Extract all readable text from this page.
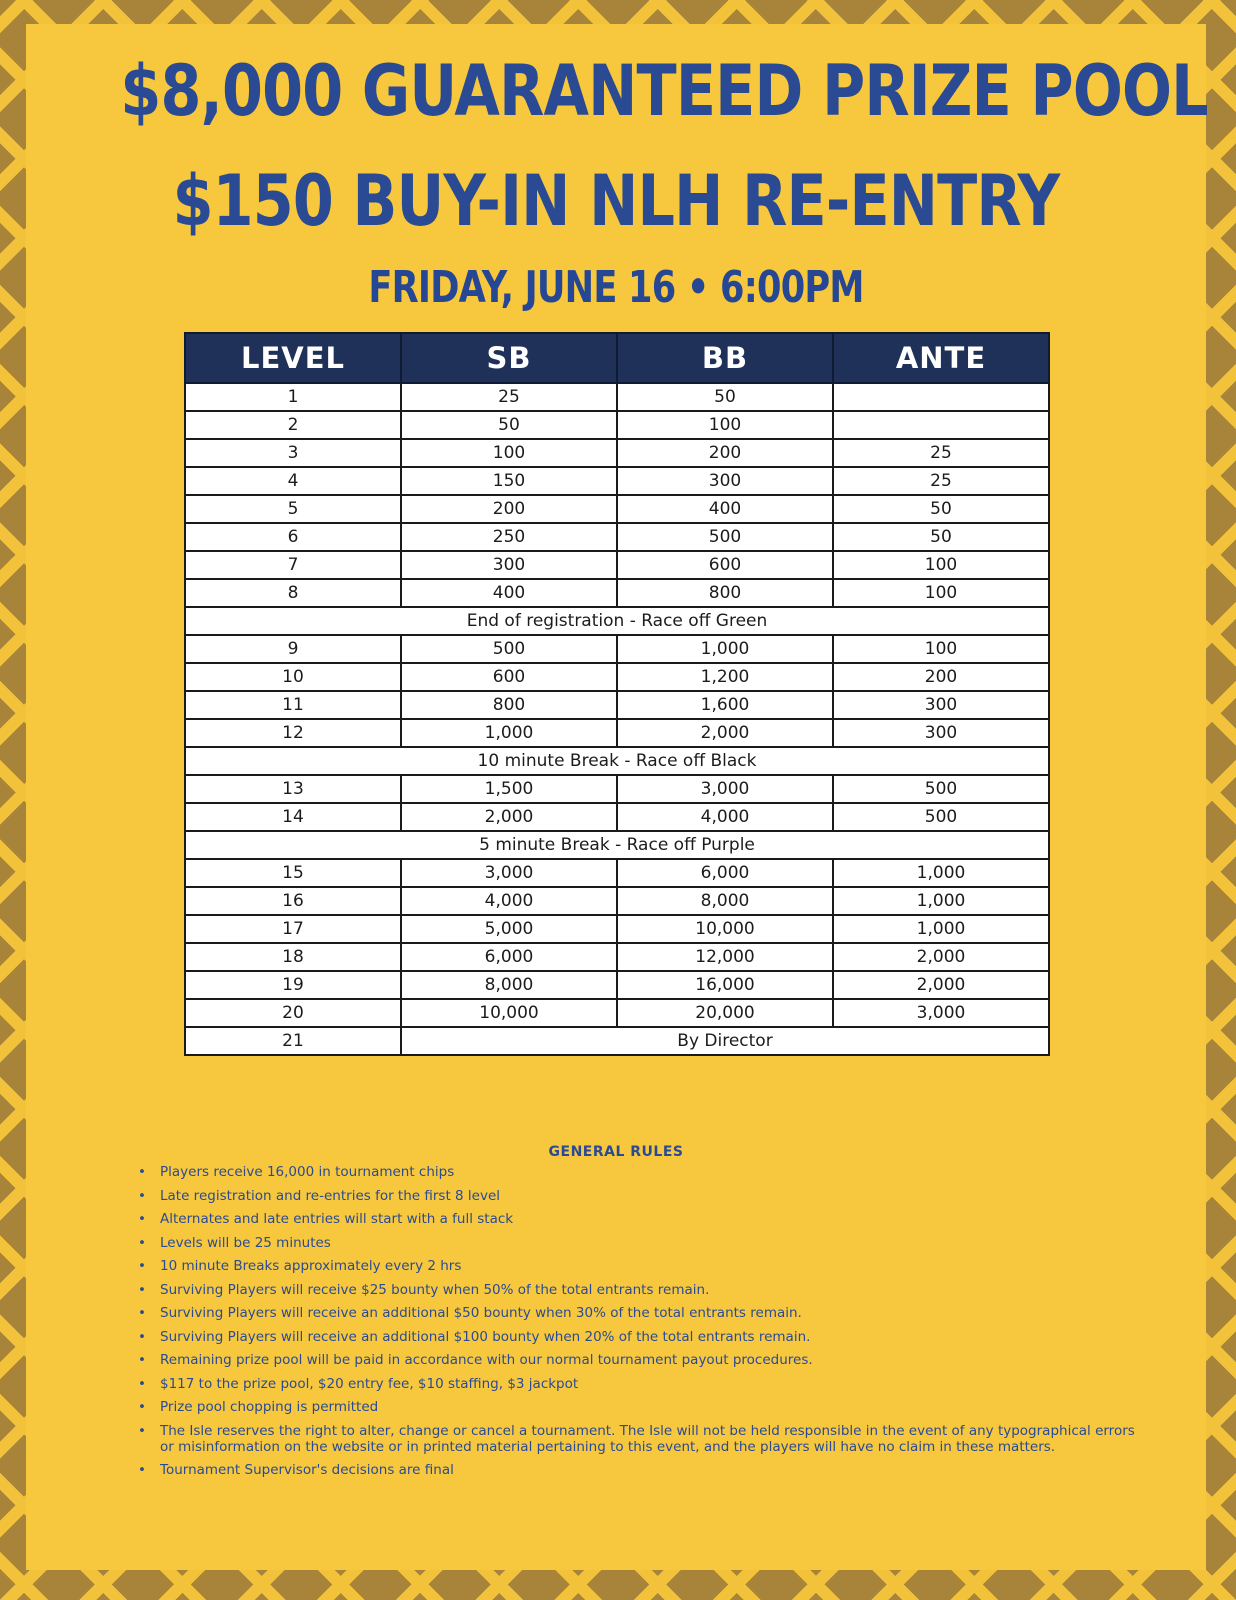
$8,000 GUARANTEED PRIZE POOL
$150 BUY-IN NLH RE-ENTRY
FRIDAY, JUNE 16 • 6:00PM
LEVEL	SB	BB	ANTE
1	25	50	
2	50	100	
3	100	200	25
4	150	300	25
5	200	400	50
6	250	500	50
7	300	600	100
8	400	800	100
End of registration - Race off Green			
9	500	1,000	100
10	600	1,200	200
11	800	1,600	300
12	1,000	2,000	300
10 minute Break - Race off Black			
13	1,500	3,000	500
14	2,000	4,000	500
5 minute Break - Race off Purple			
15	3,000	6,000	1,000
16	4,000	8,000	1,000
17	5,000	10,000	1,000
18	6,000	12,000	2,000
19	8,000	16,000	2,000
20	10,000	20,000	3,000
21	By Director		
GENERAL RULES
• Players receive 16,000 in tournament chips
• Late registration and re-entries for the first 8 level
• Alternates and late entries will start with a full stack
• Levels will be 25 minutes
• 10 minute Breaks approximately every 2 hrs
• Surviving Players will receive $25 bounty when 50% of the total entrants remain.
• Surviving Players will receive an additional $50 bounty when 30% of the total entrants remain.
• Surviving Players will receive an additional $100 bounty when 20% of the total entrants remain.
• Remaining prize pool will be paid in accordance with our normal tournament payout procedures.
• $117 to the prize pool, $20 entry fee, $10 staffing, $3 jackpot
• Prize pool chopping is permitted
• The Isle reserves the right to alter, change or cancel a tournament. The Isle will not be held responsible in the event of any typographical errors or misinformation on the website or in printed material pertaining to this event, and the players will have no claim in these matters.
• Tournament Supervisor's decisions are final
